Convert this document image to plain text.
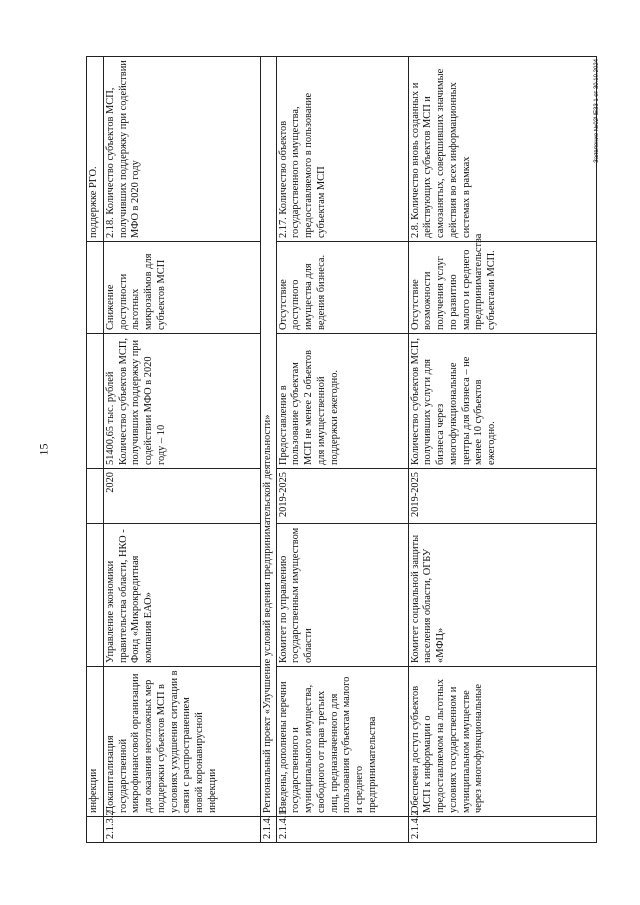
15
	инфекции					поддержке РГО.
2.1.3.2	Докапитализация государственной микрофинансовой организации для оказания неотложных мер поддержки субъектов МСП в условиях ухудшения ситуации в связи с распространением новой коронавирусной инфекции	Управление экономики правительства области, НКО - Фонд «Микрокредитная компания ЕАО»	2020	51400,65 тыс. рублей Количество субъектов МСП, получивших поддержку при содействии МФО в 2020 году – 10	Снижение доступности льготных микрозаймов для субъектов МСП	2.18. Количество субъектов МСП, получивших поддержку при содействии МФО в 2020 году
2.1.4.	Региональный проект «Улучшение условий ведения предпринимательской деятельности»					
2.1.4.1	Введены, дополнены перечни государственного и муниципального имущества, свободного от прав третьих лиц, предназначенного для пользования субъектам малого и среднего предпринимательства	Комитет по управлению государственным имуществом области	2019-2025	Предоставление в пользование субъектам МСП не менее 2 объектов для имущественной поддержки ежегодно.	Отсутствие доступного имущества для ведения бизнеса.	2.17. Количество объектов государственного имущества, предоставляемого в пользование субъектам МСП
2.1.4.2	Обеспечен доступ субъектов МСП к информации о предоставляемом на льготных условиях государственном и муниципальном имуществе через многофункциональные	Комитет социальной защиты населения области, ОГБУ «МФЦ»	2019-2025	Количество субъектов МСП, получивших услуги для бизнеса через многофункциональные центры для бизнеса – не менее 10 субъектов ежегодно.	Отсутствие возможности получения услуг по развитию малого и среднего предпринимательства субъектами МСП.	2.8. Количество вновь созданных и действующих субъектов МСП и самозанятых, совершивших значимые действия во всех информационных системах в рамках
Заявление №02ЧЕ33 1 от 30.10.2024
